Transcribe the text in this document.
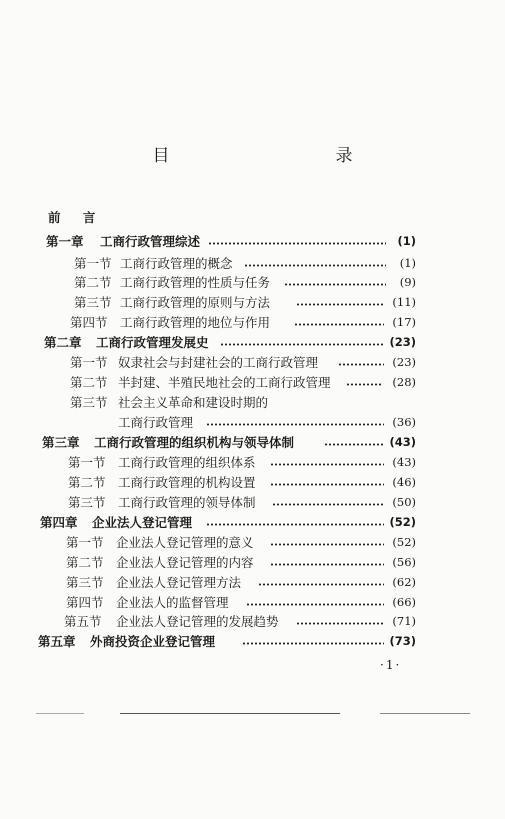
目　　录
前 言
第一章 工商行政管理综述	(1)
第一节 工商行政管理的概念	(1)
第二节 工商行政管理的性质与任务	(9)
第三节 工商行政管理的原则与方法	(11)
第四节 工商行政管理的地位与作用	(17)
第二章 工商行政管理发展史	(23)
第一节 奴隶社会与封建社会的工商行政管理	(23)
第二节 半封建、半殖民地社会的工商行政管理	(28)
第三节 社会主义革命和建设时期的
工商行政管理	(36)
第三章 工商行政管理的组织机构与领导体制	(43)
第一节 工商行政管理的组织体系	(43)
第二节 工商行政管理的机构设置	(46)
第三节 工商行政管理的领导体制	(50)
第四章 企业法人登记管理	(52)
第一节 企业法人登记管理的意义	(52)
第二节 企业法人登记管理的内容	(56)
第三节 企业法人登记管理方法	(62)
第四节 企业法人的监督管理	(66)
第五节 企业法人登记管理的发展趋势	(71)
第五章 外商投资企业登记管理	(73)
·1·
